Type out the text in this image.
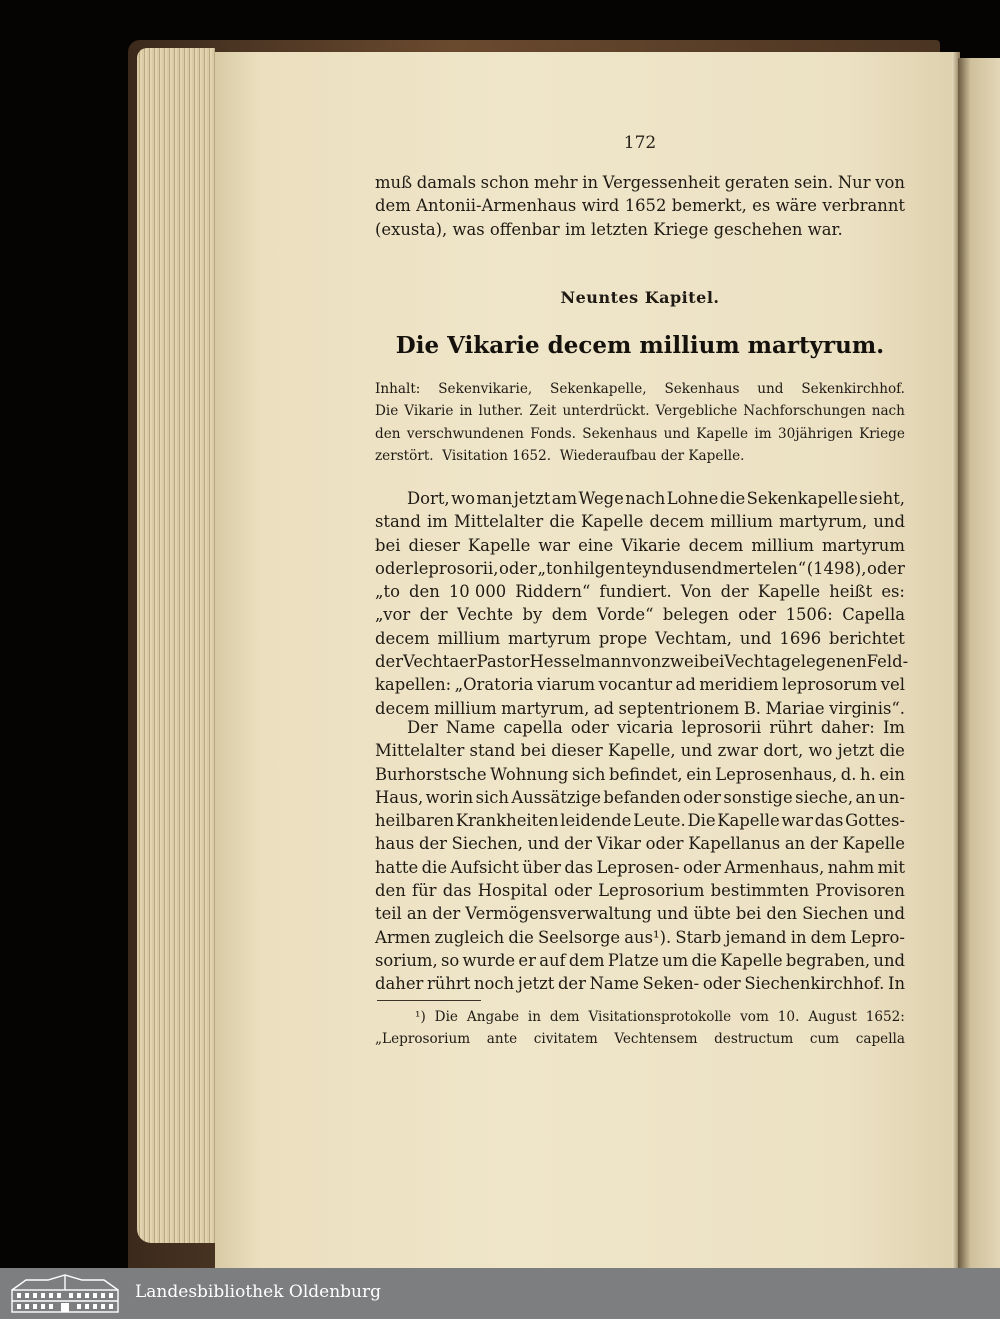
172
muß damals schon mehr in Vergessenheit geraten sein. Nur von
dem Antonii-Armenhaus wird 1652 bemerkt, es wäre verbrannt
(exusta), was offenbar im letzten Kriege geschehen war.
Neuntes Kapitel.
Die Vikarie decem millium martyrum.
Inhalt: Sekenvikarie, Sekenkapelle, Sekenhaus und Sekenkirchhof.
Die Vikarie in luther. Zeit unterdrückt. Vergebliche Nachforschungen nach
den verschwundenen Fonds. Sekenhaus und Kapelle im 30jährigen Kriege
zerstört.  Visitation 1652.  Wiederaufbau der Kapelle.
Dort, wo man jetzt am Wege nach Lohne die Sekenkapelle sieht,
stand im Mittelalter die Kapelle decem millium martyrum, und
bei dieser Kapelle war eine Vikarie decem millium martyrum
oder leprosorii, oder „ton hilgen teyndusend mertelen“ (1498), oder
„to den 10 000 Riddern“ fundiert. Von der Kapelle heißt es:
„vor der Vechte by dem Vorde“ belegen oder 1506: Capella
decem millium martyrum prope Vechtam, und 1696 berichtet
der Vechtaer Pastor Hesselmann von zwei bei Vechta gelegenen Feld-
kapellen: „Oratoria viarum vocantur ad meridiem leprosorum vel
decem millium martyrum, ad septentrionem B. Mariae virginis“.
Der Name capella oder vicaria leprosorii rührt daher: Im
Mittelalter stand bei dieser Kapelle, und zwar dort, wo jetzt die
Burhorstsche Wohnung sich befindet, ein Leprosenhaus, d. h. ein
Haus, worin sich Aussätzige befanden oder sonstige sieche, an un-
heilbaren Krankheiten leidende Leute. Die Kapelle war das Gottes-
haus der Siechen, und der Vikar oder Kapellanus an der Kapelle
hatte die Aufsicht über das Leprosen- oder Armenhaus, nahm mit
den für das Hospital oder Leprosorium bestimmten Provisoren
teil an der Vermögensverwaltung und übte bei den Siechen und
Armen zugleich die Seelsorge aus¹). Starb jemand in dem Lepro-
sorium, so wurde er auf dem Platze um die Kapelle begraben, und
daher rührt noch jetzt der Name Seken- oder Siechenkirchhof. In
¹) Die Angabe in dem Visitationsprotokolle vom 10. August 1652:
„Leprosorium ante civitatem Vechtensem destructum cum capella
Landesbibliothek Oldenburg
